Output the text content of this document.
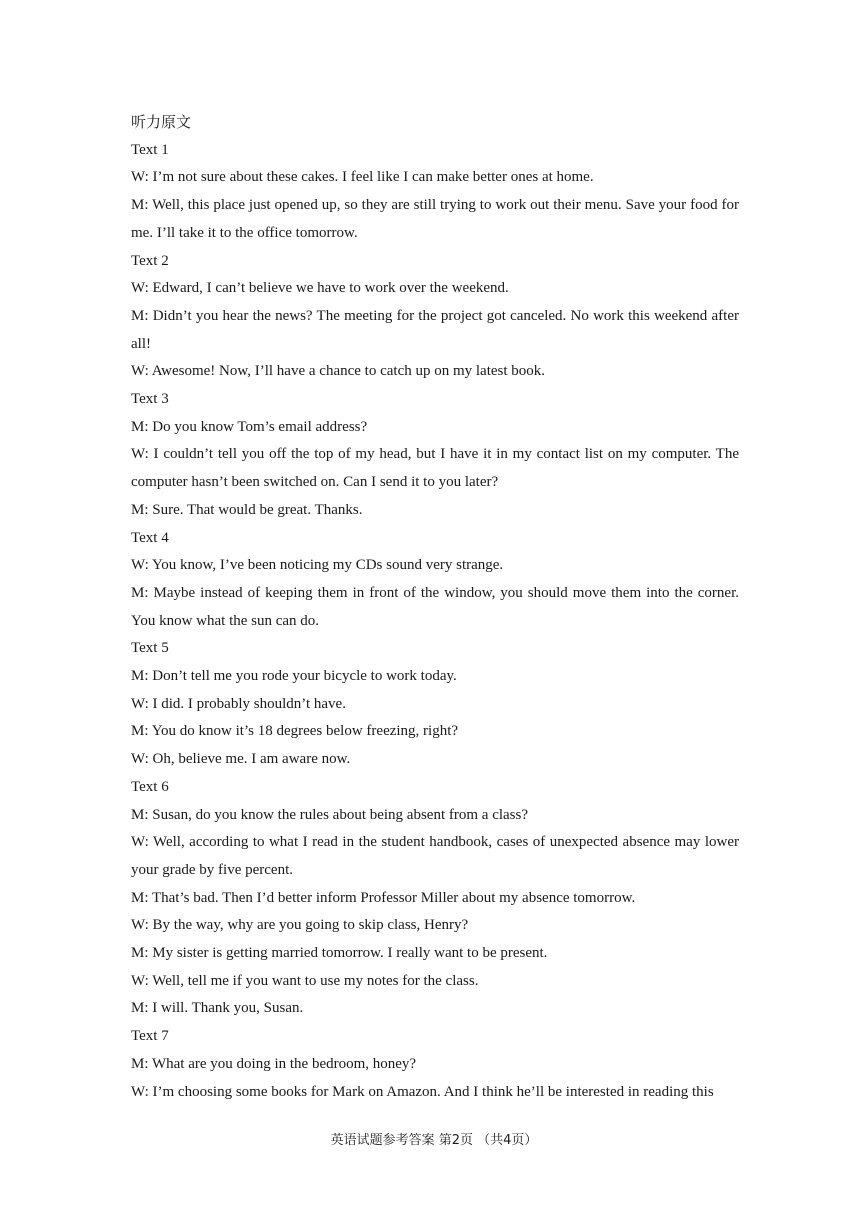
听力原文
Text 1
W: I’m not sure about these cakes. I feel like I can make better ones at home.
M: Well, this place just opened up, so they are still trying to work out their menu. Save your food for me. I’ll take it to the office tomorrow.
Text 2
W: Edward, I can’t believe we have to work over the weekend.
M: Didn’t you hear the news? The meeting for the project got canceled. No work this weekend after all!
W: Awesome! Now, I’ll have a chance to catch up on my latest book.
Text 3
M: Do you know Tom’s email address?
W: I couldn’t tell you off the top of my head, but I have it in my contact list on my computer. The computer hasn’t been switched on. Can I send it to you later?
M: Sure. That would be great. Thanks.
Text 4
W: You know, I’ve been noticing my CDs sound very strange.
M: Maybe instead of keeping them in front of the window, you should move them into the corner. You know what the sun can do.
Text 5
M: Don’t tell me you rode your bicycle to work today.
W: I did. I probably shouldn’t have.
M: You do know it’s 18 degrees below freezing, right?
W: Oh, believe me. I am aware now.
Text 6
M: Susan, do you know the rules about being absent from a class?
W: Well, according to what I read in the student handbook, cases of unexpected absence may lower your grade by five percent.
M: That’s bad. Then I’d better inform Professor Miller about my absence tomorrow.
W: By the way, why are you going to skip class, Henry?
M: My sister is getting married tomorrow. I really want to be present.
W: Well, tell me if you want to use my notes for the class.
M: I will. Thank you, Susan.
Text 7
M: What are you doing in the bedroom, honey?
W: I’m choosing some books for Mark on Amazon. And I think he’ll be interested in reading this
英语试题参考答案 第2页 （共4页）
